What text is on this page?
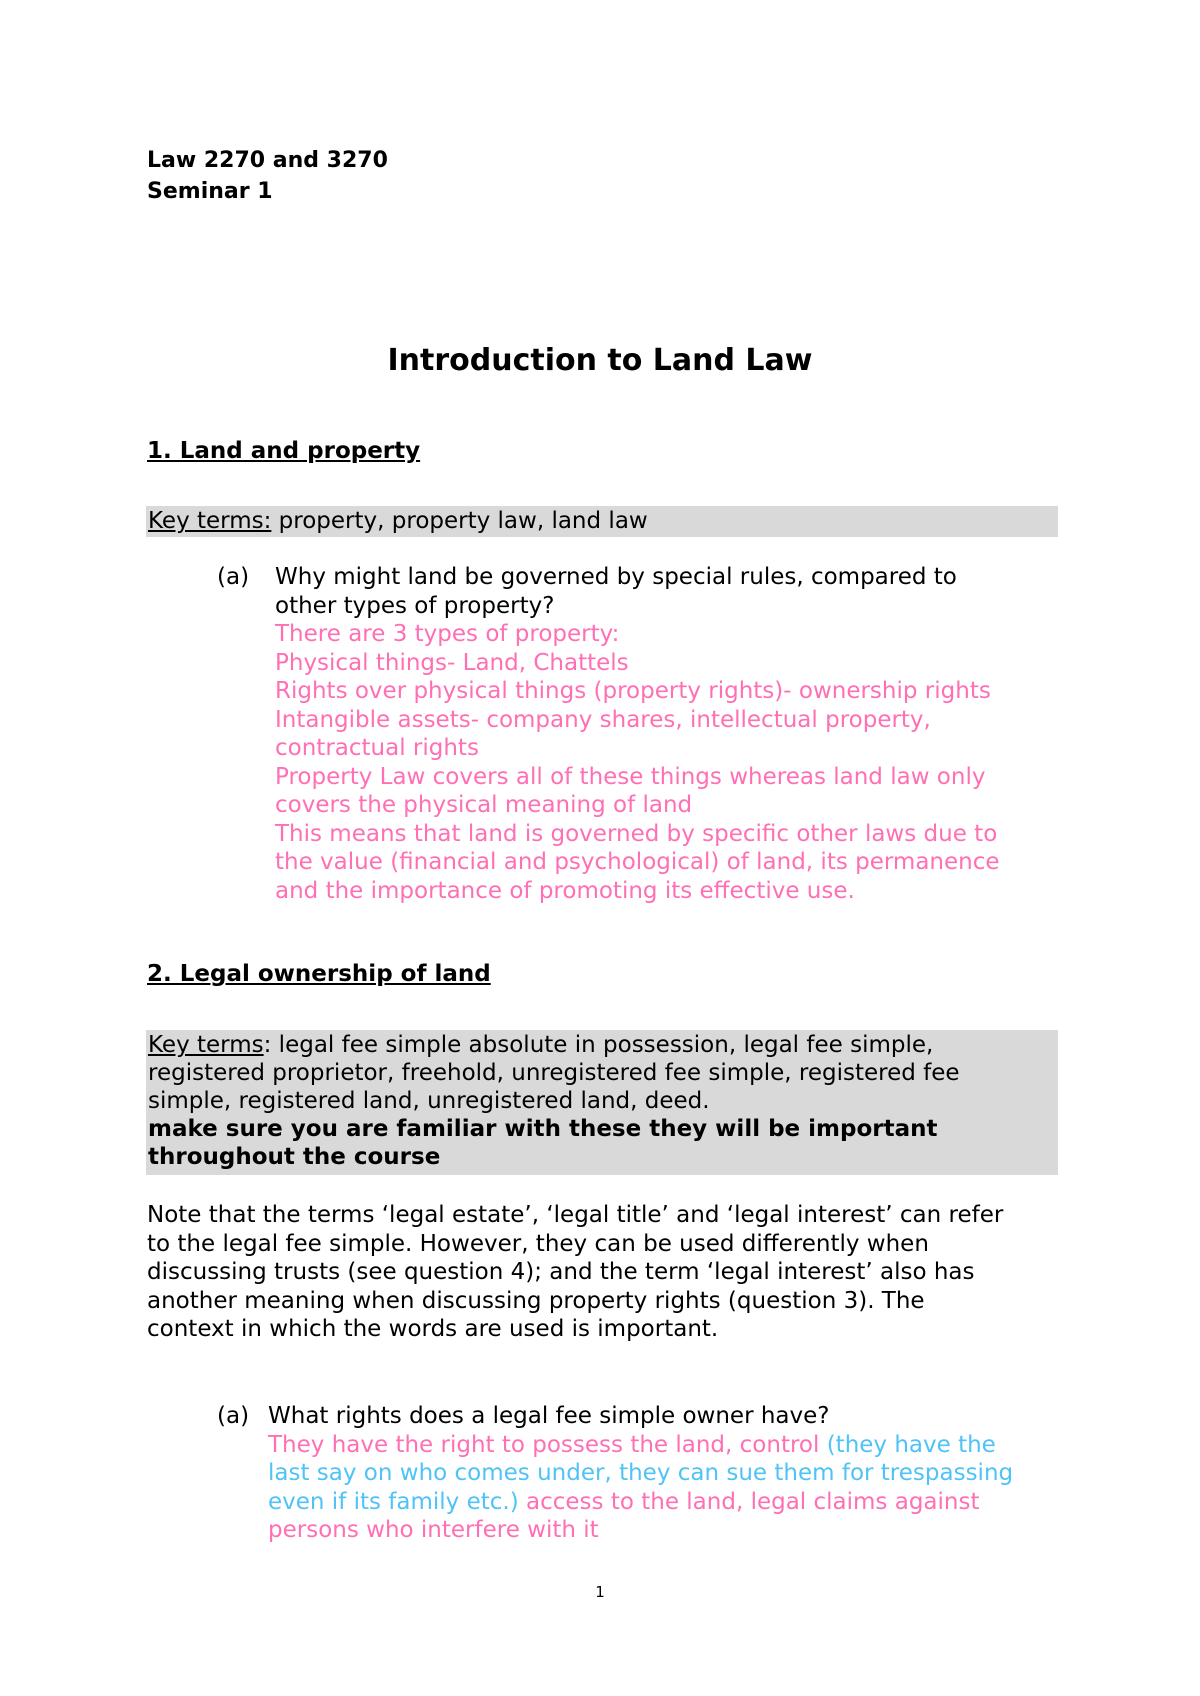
Law 2270 and 3270
Seminar 1
Introduction to Land Law
1. Land and property
Key terms: property, property law, land law
(a) Why might land be governed by special rules, compared to
other types of property?
There are 3 types of property:
Physical things- Land, Chattels
Rights over physical things (property rights)- ownership rights
Intangible assets- company shares, intellectual property,
contractual rights
Property Law covers all of these things whereas land law only
covers the physical meaning of land
This means that land is governed by specific other laws due to
the value (financial and psychological) of land, its permanence
and the importance of promoting its effective use.
2. Legal ownership of land
Key terms: legal fee simple absolute in possession, legal fee simple,
registered proprietor, freehold, unregistered fee simple, registered fee
simple, registered land, unregistered land, deed.
make sure you are familiar with these they will be important
throughout the course
Note that the terms ‘legal estate’, ‘legal title’ and ‘legal interest’ can refer
to the legal fee simple. However, they can be used differently when
discussing trusts (see question 4); and the term ‘legal interest’ also has
another meaning when discussing property rights (question 3). The
context in which the words are used is important.
(a) What rights does a legal fee simple owner have?
They have the right to possess the land, control (they have the
last say on who comes under, they can sue them for trespassing
even if its family etc.) access to the land, legal claims against
persons who interfere with it
1
